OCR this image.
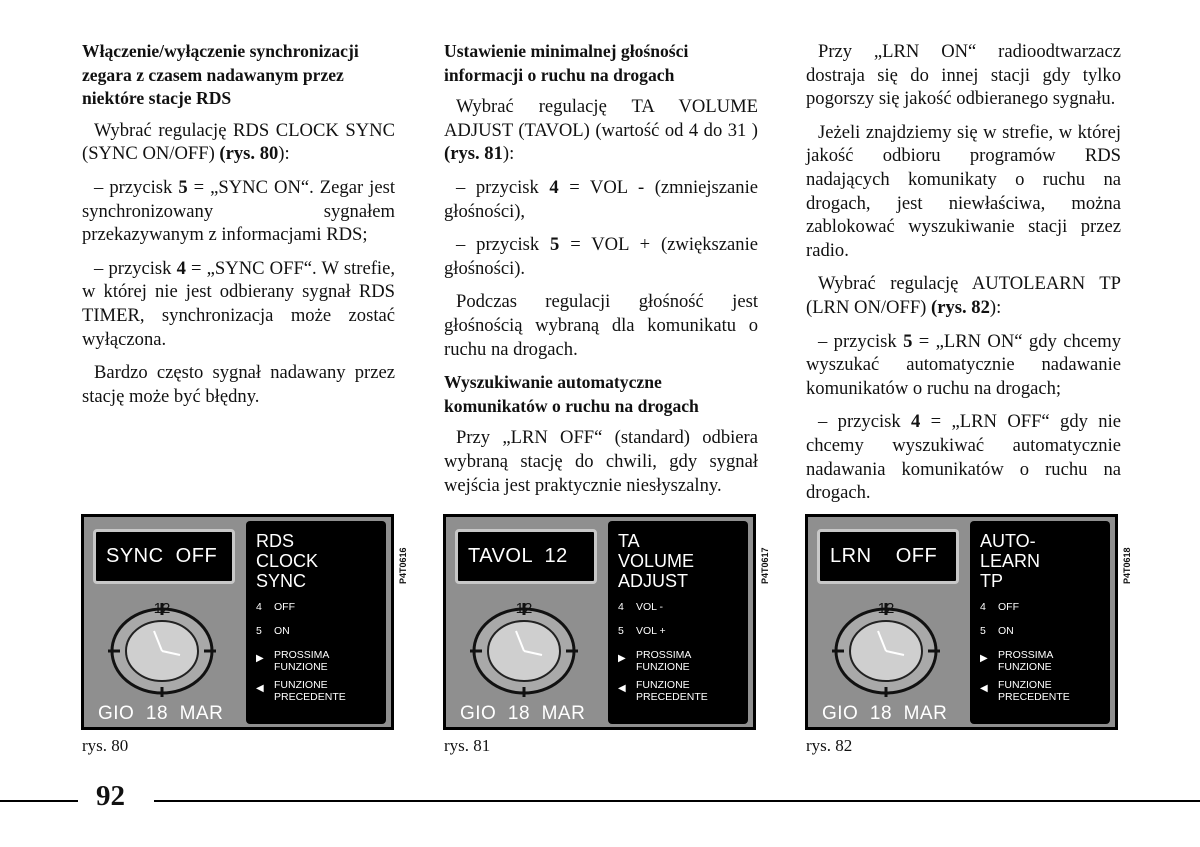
Włączenie/wyłączenie synchronizacji zegara z czasem nadawanym przez niektóre stacje RDS

Wybrać regulację RDS CLOCK SYNC (SYNC ON/OFF) (rys. 80):

– przycisk 5 = „SYNC ON“. Zegar jest synchronizowany sygnałem przekazywanym z informacjami RDS;

– przycisk 4 = „SYNC OFF“. W strefie, w której nie jest odbierany sygnał RDS TIMER, synchronizacja może zostać wyłączona.

Bardzo często sygnał nadawany przez stację może być błędny.

Ustawienie minimalnej głośności informacji o ruchu na drogach

Wybrać regulację TA VOLUME ADJUST (TAVOL) (wartość od 4 do 31 ) (rys. 81):

– przycisk 4 = VOL - (zmniejszanie głośności),

– przycisk 5 = VOL + (zwiększanie głośności).

Podczas regulacji głośność jest głośnością wybraną dla komunikatu o ruchu na drogach.

Wyszukiwanie automatyczne komunikatów o ruchu na drogach

Przy „LRN OFF“ (standard) odbiera wybraną stację do chwili, gdy sygnał wejścia jest praktycznie niesłyszalny.

Przy „LRN ON“ radioodtwarzacz dostraja się do innej stacji gdy tylko pogorszy się jakość odbieranego sygnału.

Jeżeli znajdziemy się w strefie, w której jakość odbioru programów RDS nadających komunikaty o ruchu na drogach, jest niewłaściwa, można zablokować wyszukiwanie stacji przez radio.

Wybrać regulację AUTOLEARN TP (LRN ON/OFF) (rys. 82):

– przycisk 5 = „LRN ON“ gdy chcemy wyszukać automatycznie nadawanie komunikatów o ruchu na drogach;

– przycisk 4 = „LRN OFF“ gdy nie chcemy wyszukiwać automatycznie nadawania komunikatów o ruchu na drogach.

SYNC  OFF
12
GIO  18  MAR
RDS
CLOCK
SYNC
4	OFF
5	ON
▶ PROSSIMA
FUNZIONE
◀ FUNZIONE
PRECEDENTE
P4T0616	TAVOL  12
12
GIO  18  MAR
TA
VOLUME
ADJUST
4	VOL -
5	VOL +
▶ PROSSIMA
FUNZIONE
◀ FUNZIONE
PRECEDENTE
P4T0617	LRN    OFF
12
GIO  18  MAR
AUTO-
LEARN
TP
4	OFF
5	ON
▶ PROSSIMA
FUNZIONE
◀ FUNZIONE
PRECEDENTE
P4T0618
rys. 80	rys. 81	rys. 82
92
